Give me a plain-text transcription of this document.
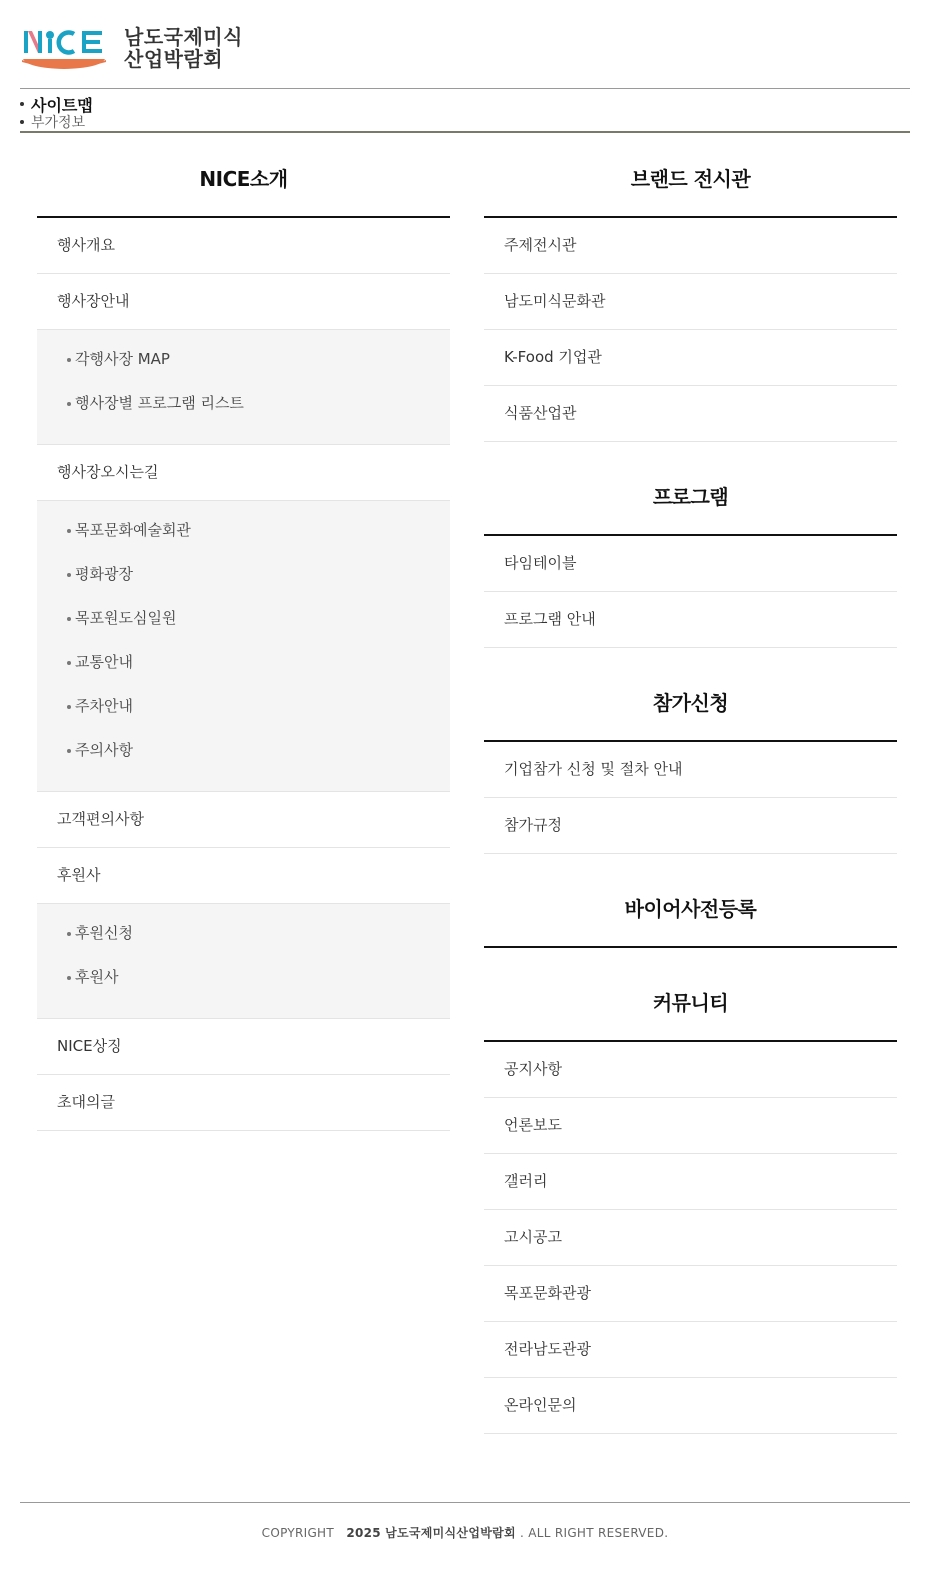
남도국제미식
산업박람회
사이트맵
부가정보
NICE소개
행사개요
행사장안내
각행사장 MAP
행사장별 프로그램 리스트
행사장오시는길
목포문화예술회관
평화광장
목포원도심일원
교통안내
주차안내
주의사항
고객편의사항
후원사
후원신청
후원사
NICE상징
초대의글
브랜드 전시관
주제전시관
남도미식문화관
K-Food 기업관
식품산업관
프로그램
타임테이블
프로그램 안내
참가신청
기업참가 신청 및 절차 안내
참가규정
바이어사전등록
커뮤니티
공지사항
언론보도
갤러리
고시공고
목포문화관광
전라남도관광
온라인문의
COPYRIGHT 2025 남도국제미식산업박람회 . ALL RIGHT RESERVED.
